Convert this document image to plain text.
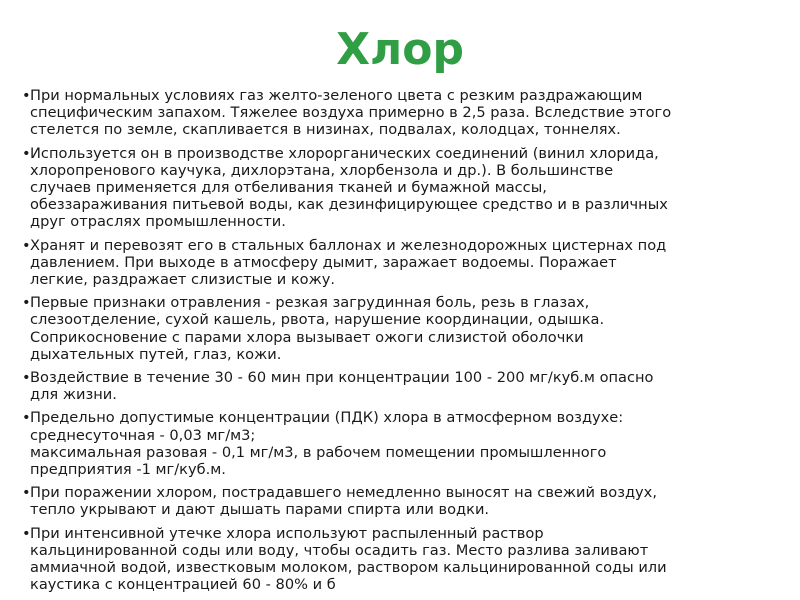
Хлор
• При нормальных условиях газ желто-зеленого цвета с резким раздражающим
специфическим запахом. Тяжелее воздуха примерно в 2,5 раза. Вследствие этого
стелется по земле, скапливается в низинах, подвалах, колодцах, тоннелях.
• Используется он в производстве хлорорганических соединений (винил хлорида,
хлоропренового каучука, дихлорэтана, хлорбензола и др.). В большинстве
случаев применяется для отбеливания тканей и бумажной массы,
обеззараживания питьевой воды, как дезинфицирующее средство и в различных
друг отраслях промышленности.
• Хранят и перевозят его в стальных баллонах и железнодорожных цистернах под
давлением. При выходе в атмосферу дымит, заражает водоемы. Поражает
легкие, раздражает слизистые и кожу.
• Первые признаки отравления - резкая загрудинная боль, резь в глазах,
слезоотделение, сухой кашель, рвота, нарушение координации, одышка.
Соприкосновение с парами хлора вызывает ожоги слизистой оболочки
дыхательных путей, глаз, кожи.
• Воздействие в течение 30 - 60 мин при концентрации 100 - 200 мг/куб.м опасно
для жизни.
• Предельно допустимые концентрации (ПДК) хлора в атмосферном воздухе:
среднесуточная - 0,03 мг/м3;
максимальная разовая - 0,1 мг/м3, в рабочем помещении промышленного
предприятия -1 мг/куб.м.
• При поражении хлором, пострадавшего немедленно выносят на свежий воздух,
тепло укрывают и дают дышать парами спирта или водки.
• При интенсивной утечке хлора используют распыленный раствор
кальцинированной соды или воду, чтобы осадить газ. Место разлива заливают
аммиачной водой, известковым молоком, раствором кальцинированной соды или
каустика с концентрацией 60 - 80% и б
